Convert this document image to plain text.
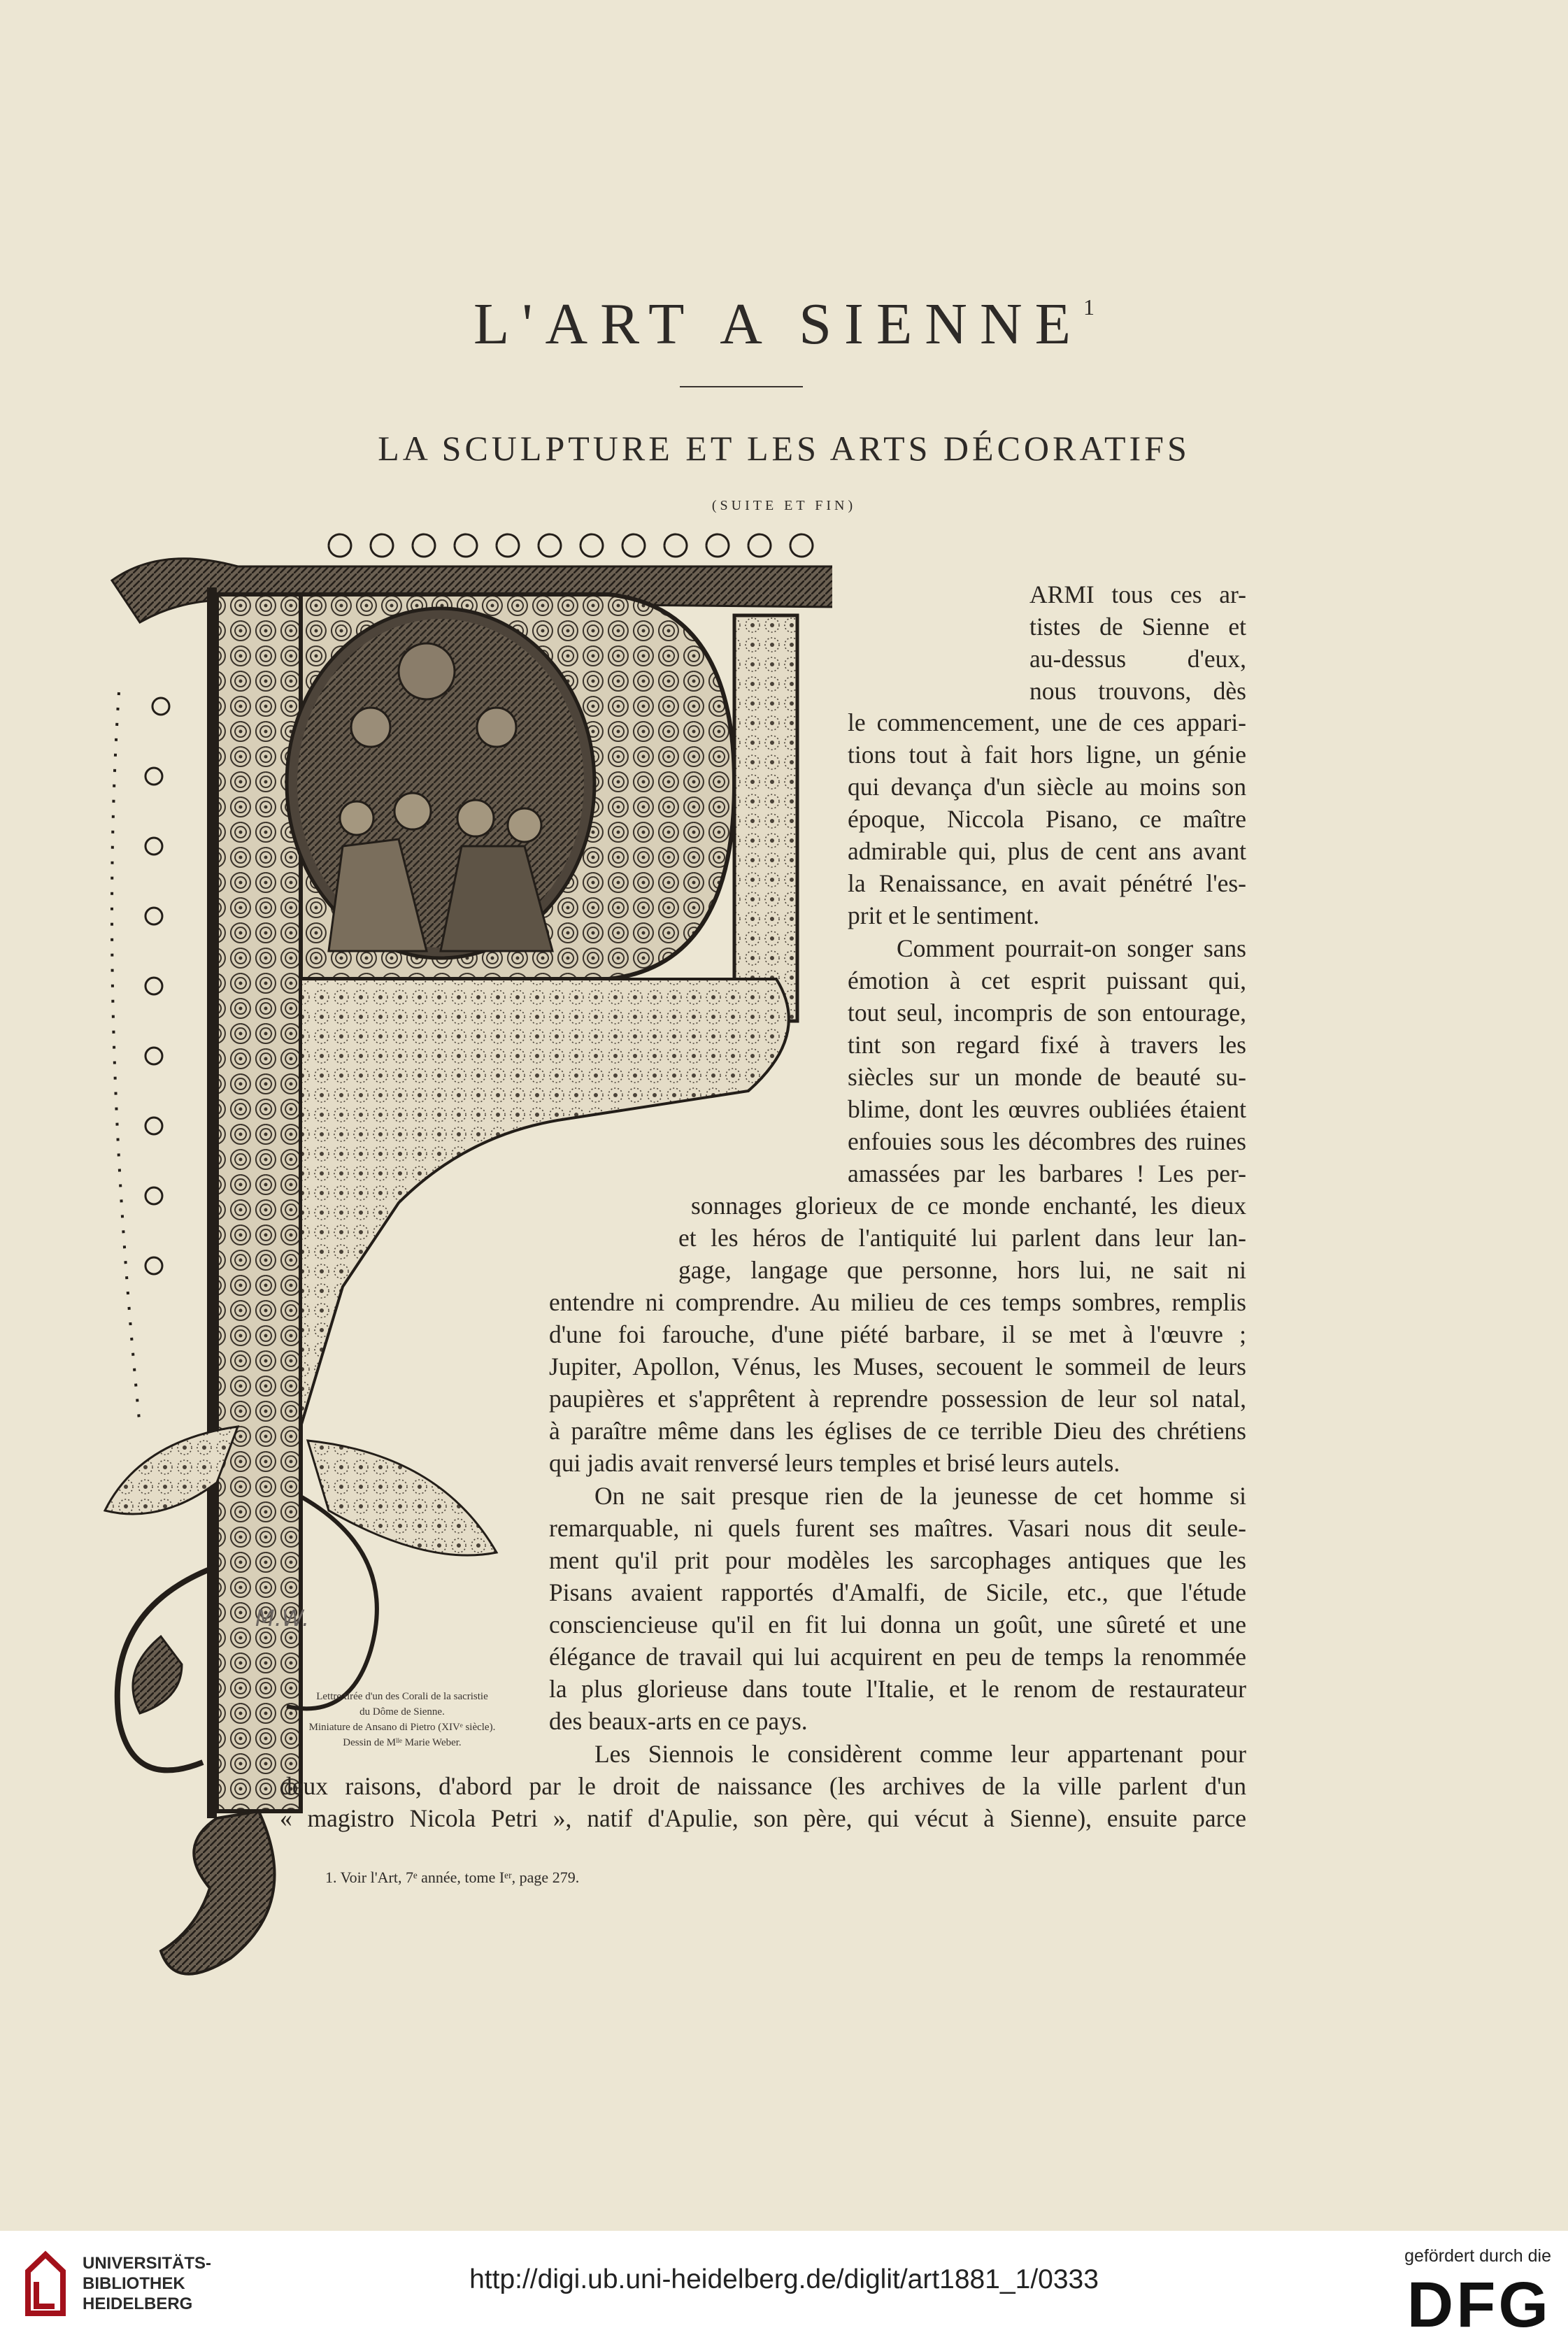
L'ART A SIENNE$^1$
LA SCULPTURE ET LES ARTS DÉCORATIFS
(SUITE ET FIN)
M.W.
Lettre tirée d'un des Corali de la sacristie
du Dôme de Sienne.
Miniature de Ansano di Pietro (XIVᵉ siècle).
Dessin de Mˡˡᵉ Marie Weber.
ARMI tous ces ar-
tistes de Sienne et
au-dessus d'eux,
nous trouvons, dès
le commencement, une de ces appari-
tions tout à fait hors ligne, un génie
qui devança d'un siècle au moins son
époque, Niccola Pisano, ce maître
admirable qui, plus de cent ans avant
la Renaissance, en avait pénétré l'es-
prit et le sentiment.
Comment pourrait-on songer sans
émotion à cet esprit puissant qui,
tout seul, incompris de son entourage,
tint son regard fixé à travers les
siècles sur un monde de beauté su-
blime, dont les œuvres oubliées étaient
enfouies sous les décombres des ruines
amassées par les barbares ! Les per-
sonnages glorieux de ce monde enchanté, les dieux
et les héros de l'antiquité lui parlent dans leur lan-
gage, langage que personne, hors lui, ne sait ni
entendre ni comprendre. Au milieu de ces temps sombres, remplis
d'une foi farouche, d'une piété barbare, il se met à l'œuvre ;
Jupiter, Apollon, Vénus, les Muses, secouent le sommeil de leurs
paupières et s'apprêtent à reprendre possession de leur sol natal,
à paraître même dans les églises de ce terrible Dieu des chrétiens
qui jadis avait renversé leurs temples et brisé leurs autels.
On ne sait presque rien de la jeunesse de cet homme si
remarquable, ni quels furent ses maîtres. Vasari nous dit seule-
ment qu'il prit pour modèles les sarcophages antiques que les
Pisans avaient rapportés d'Amalfi, de Sicile, etc., que l'étude
consciencieuse qu'il en fit lui donna un goût, une sûreté et une
élégance de travail qui lui acquirent en peu de temps la renommée
la plus glorieuse dans toute l'Italie, et le renom de restaurateur
des beaux-arts en ce pays.
Les Siennois le considèrent comme leur appartenant pour
deux raisons, d'abord par le droit de naissance (les archives de la ville parlent d'un
« magistro Nicola Petri », natif d'Apulie, son père, qui vécut à Sienne), ensuite parce
1. Voir l'Art, 7ᵉ année, tome Iᵉʳ, page 279.
UNIVERSITÄTS-
BIBLIOTHEK
HEIDELBERG
http://digi.ub.uni-heidelberg.de/diglit/art1881_1/0333
gefördert durch die
DFG
